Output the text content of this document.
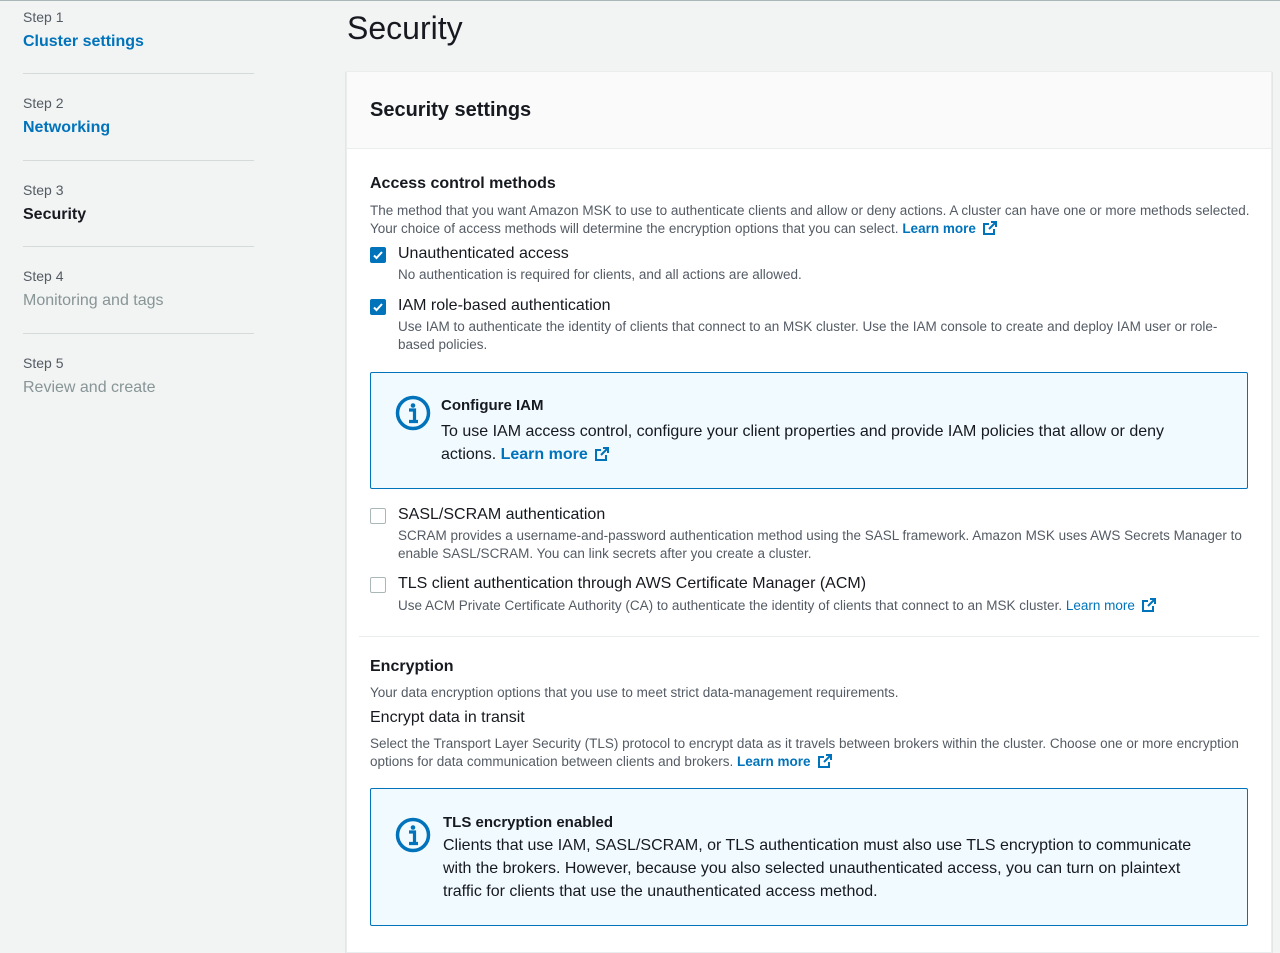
Step 1
Cluster settings
Step 2
Networking
Step 3
Security
Step 4
Monitoring and tags
Step 5
Review and create
Security
Security settings
Access control methods
The method that you want Amazon MSK to use to authenticate clients and allow or deny actions. A cluster can have one or more methods selected. Your choice of access methods will determine the encryption options that you can select. Learn more
Unauthenticated access
No authentication is required for clients, and all actions are allowed.
IAM role-based authentication
Use IAM to authenticate the identity of clients that connect to an MSK cluster. Use the IAM console to create and deploy IAM user or role-based policies.
Configure IAM
To use IAM access control, configure your client properties and provide IAM policies that allow or deny actions. Learn more
SASL/SCRAM authentication
SCRAM provides a username-and-password authentication method using the SASL framework. Amazon MSK uses AWS Secrets Manager to enable SASL/SCRAM. You can link secrets after you create a cluster.
TLS client authentication through AWS Certificate Manager (ACM)
Use ACM Private Certificate Authority (CA) to authenticate the identity of clients that connect to an MSK cluster. Learn more
Encryption
Your data encryption options that you use to meet strict data-management requirements.
Encrypt data in transit
Select the Transport Layer Security (TLS) protocol to encrypt data as it travels between brokers within the cluster. Choose one or more encryption options for data communication between clients and brokers. Learn more
TLS encryption enabled
Clients that use IAM, SASL/SCRAM, or TLS authentication must also use TLS encryption to communicate with the brokers. However, because you also selected unauthenticated access, you can turn on plaintext traffic for clients that use the unauthenticated access method.
